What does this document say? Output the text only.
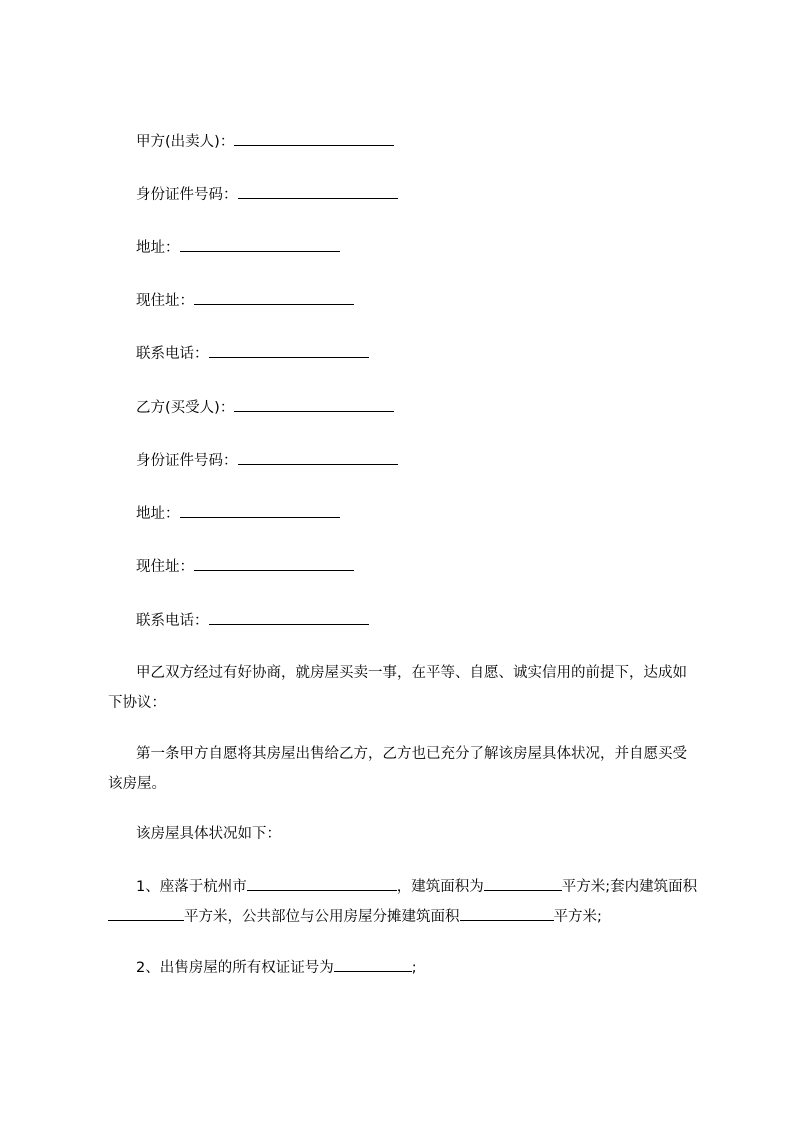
甲方(出卖人)：
身份证件号码：
地址：
现住址：
联系电话：
乙方(买受人)：
身份证件号码：
地址：
现住址：
联系电话：
甲乙双方经过有好协商，就房屋买卖一事，在平等、自愿、诚实信用的前提下，达成如下协议：
第一条甲方自愿将其房屋出售给乙方，乙方也已充分了解该房屋具体状况，并自愿买受该房屋。
该房屋具体状况如下：
1、座落于杭州市	，建筑面积为	平方米;套内建筑面积平方米，公共部位与公用房屋分摊建筑面积	平方米;
2、出售房屋的所有权证证号为	;
